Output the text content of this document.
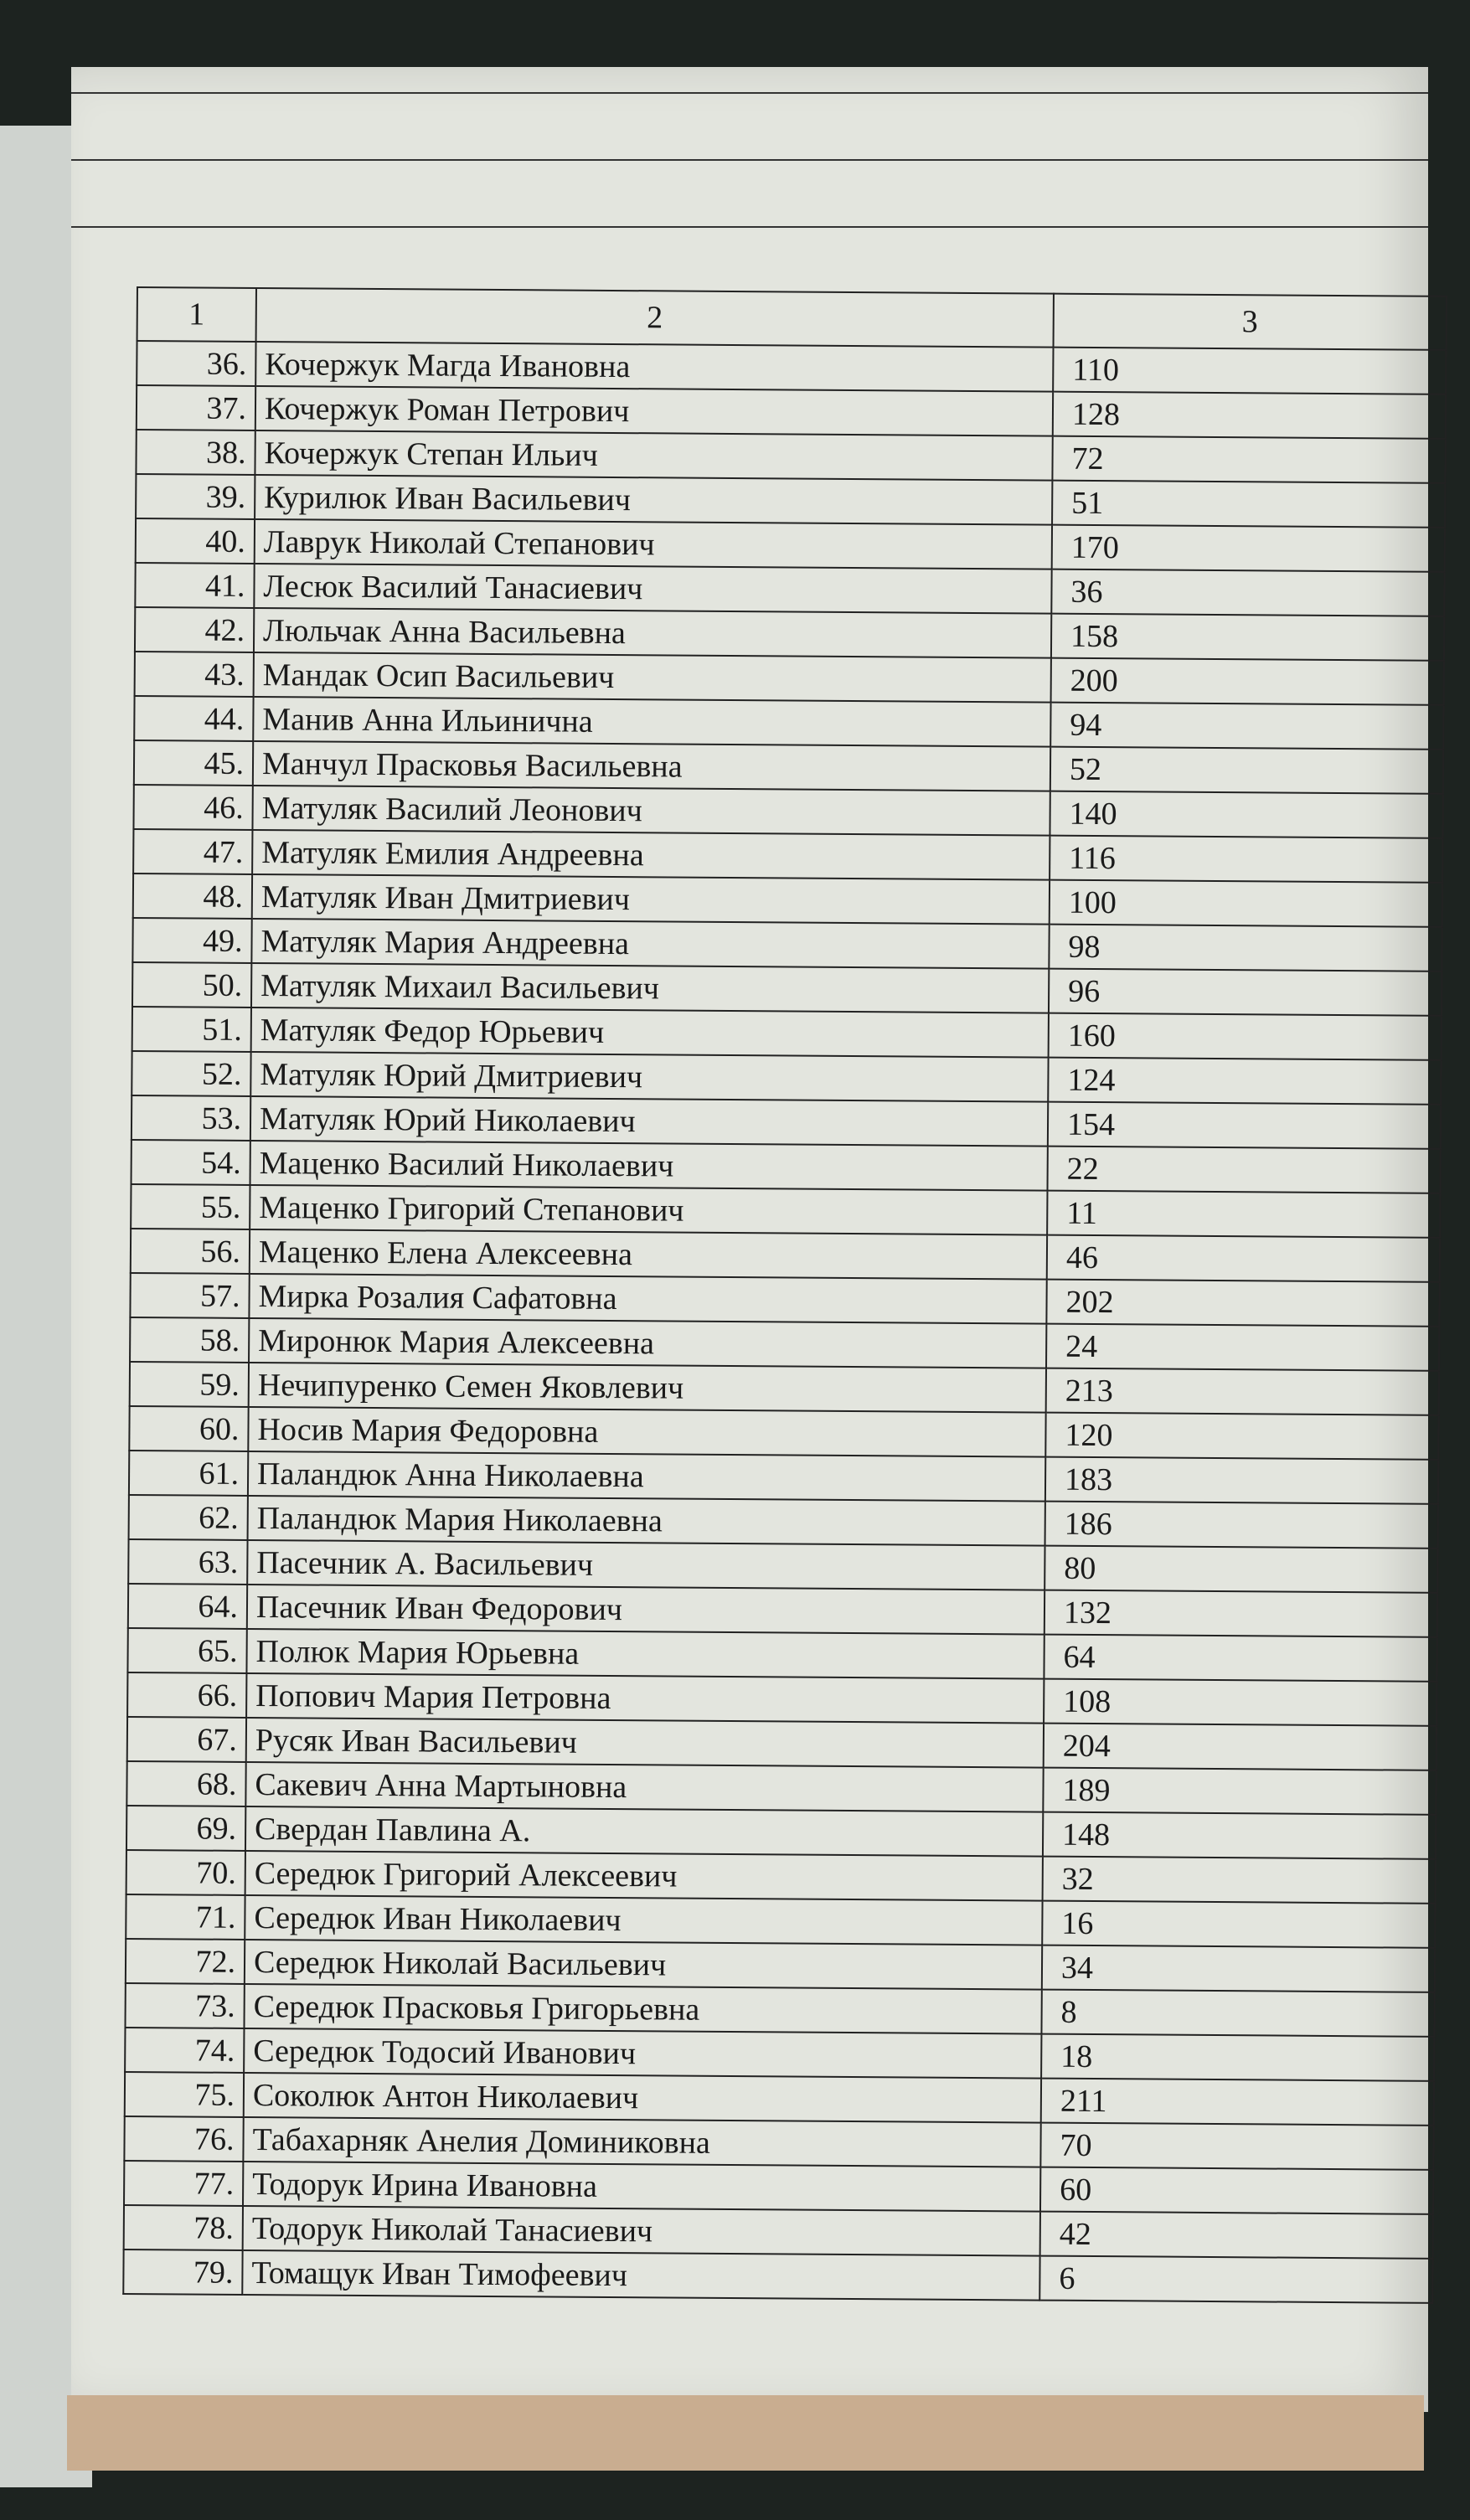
1	2	3
36.	Кочержук Магда Ивановна	110
37.	Кочержук Роман Петрович	128
38.	Кочержук Степан Ильич	72
39.	Курилюк Иван Васильевич	51
40.	Лаврук Николай Степанович	170
41.	Лесюк Василий Танасиевич	36
42.	Люльчак Анна Васильевна	158
43.	Мандак Осип Васильевич	200
44.	Манив Анна Ильинична	94
45.	Манчул Прасковья Васильевна	52
46.	Матуляк Василий Леонович	140
47.	Матуляк Емилия Андреевна	116
48.	Матуляк Иван Дмитриевич	100
49.	Матуляк Мария Андреевна	98
50.	Матуляк Михаил Васильевич	96
51.	Матуляк Федор Юрьевич	160
52.	Матуляк Юрий Дмитриевич	124
53.	Матуляк Юрий Николаевич	154
54.	Маценко Василий Николаевич	22
55.	Маценко Григорий Степанович	11
56.	Маценко Елена Алексеевна	46
57.	Мирка Розалия Сафатовна	202
58.	Миронюк Мария Алексеевна	24
59.	Нечипуренко Семен Яковлевич	213
60.	Носив Мария Федоровна	120
61.	Паландюк Анна Николаевна	183
62.	Паландюк Мария Николаевна	186
63.	Пасечник А. Васильевич	80
64.	Пасечник Иван Федорович	132
65.	Полюк Мария Юрьевна	64
66.	Попович Мария Петровна	108
67.	Русяк Иван Васильевич	204
68.	Сакевич Анна Мартыновна	189
69.	Свердан Павлина А.	148
70.	Середюк Григорий Алексеевич	32
71.	Середюк Иван Николаевич	16
72.	Середюк Николай Васильевич	34
73.	Середюк Прасковья Григорьевна	8
74.	Середюк Тодосий Иванович	18
75.	Соколюк Антон Николаевич	211
76.	Табахарняк Анелия Доминиковна	70
77.	Тодорук Ирина Ивановна	60
78.	Тодорук Николай Танасиевич	42
79.	Томащук Иван Тимофеевич	6
